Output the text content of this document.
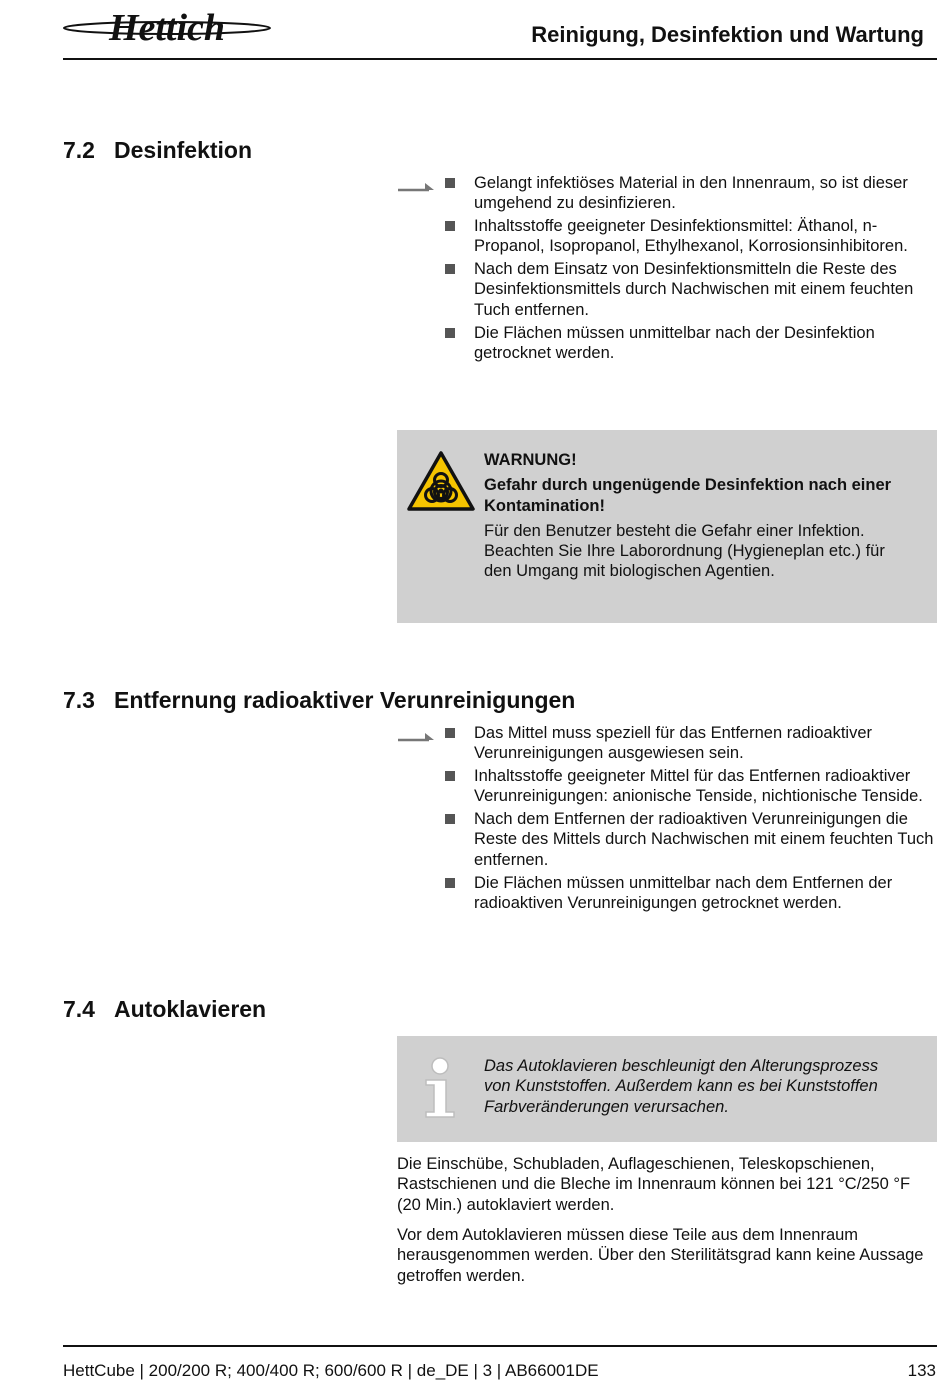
Hettich	Reinigung, Desinfektion und Wartung
7.2 Desinfektion
Gelangt infektiöses Material in den Innenraum, so ist dieser umgehend zu desinfizieren.
Inhaltsstoffe geeigneter Desinfektionsmittel: Äthanol, n-Propanol, Isopropanol, Ethylhexanol, Korrosionsinhibitoren.
Nach dem Einsatz von Desinfektionsmitteln die Reste des Desinfektionsmittels durch Nachwischen mit einem feuchten Tuch entfernen.
Die Flächen müssen unmittelbar nach der Desinfektion getrocknet werden.
WARNUNG!
Gefahr durch ungenügende Desinfektion nach einer Kontamination!
Für den Benutzer besteht die Gefahr einer Infektion. Beachten Sie Ihre Laborordnung (Hygieneplan etc.) für den Umgang mit biologischen Agentien.
7.3 Entfernung radioaktiver Verunreinigungen
Das Mittel muss speziell für das Entfernen radioaktiver Verunreinigungen ausgewiesen sein.
Inhaltsstoffe geeigneter Mittel für das Entfernen radioaktiver Verunreinigungen: anionische Tenside, nichtionische Tenside.
Nach dem Entfernen der radioaktiven Verunreinigungen die Reste des Mittels durch Nachwischen mit einem feuchten Tuch entfernen.
Die Flächen müssen unmittelbar nach dem Entfernen der radioaktiven Verunreinigungen getrocknet werden.
7.4 Autoklavieren
Das Autoklavieren beschleunigt den Alterungsprozess von Kunststoffen. Außerdem kann es bei Kunststoffen Farbveränderungen verursachen.
Die Einschübe, Schubladen, Auflageschienen, Teleskopschienen, Rastschienen und die Bleche im Innenraum können bei 121 °C/250 °F (20 Min.) autoklaviert werden.
Vor dem Autoklavieren müssen diese Teile aus dem Innenraum herausgenommen werden. Über den Sterilitätsgrad kann keine Aussage getroffen werden.
HettCube | 200/200 R; 400/400 R; 600/600 R | de_DE | 3 | AB66001DE	133
